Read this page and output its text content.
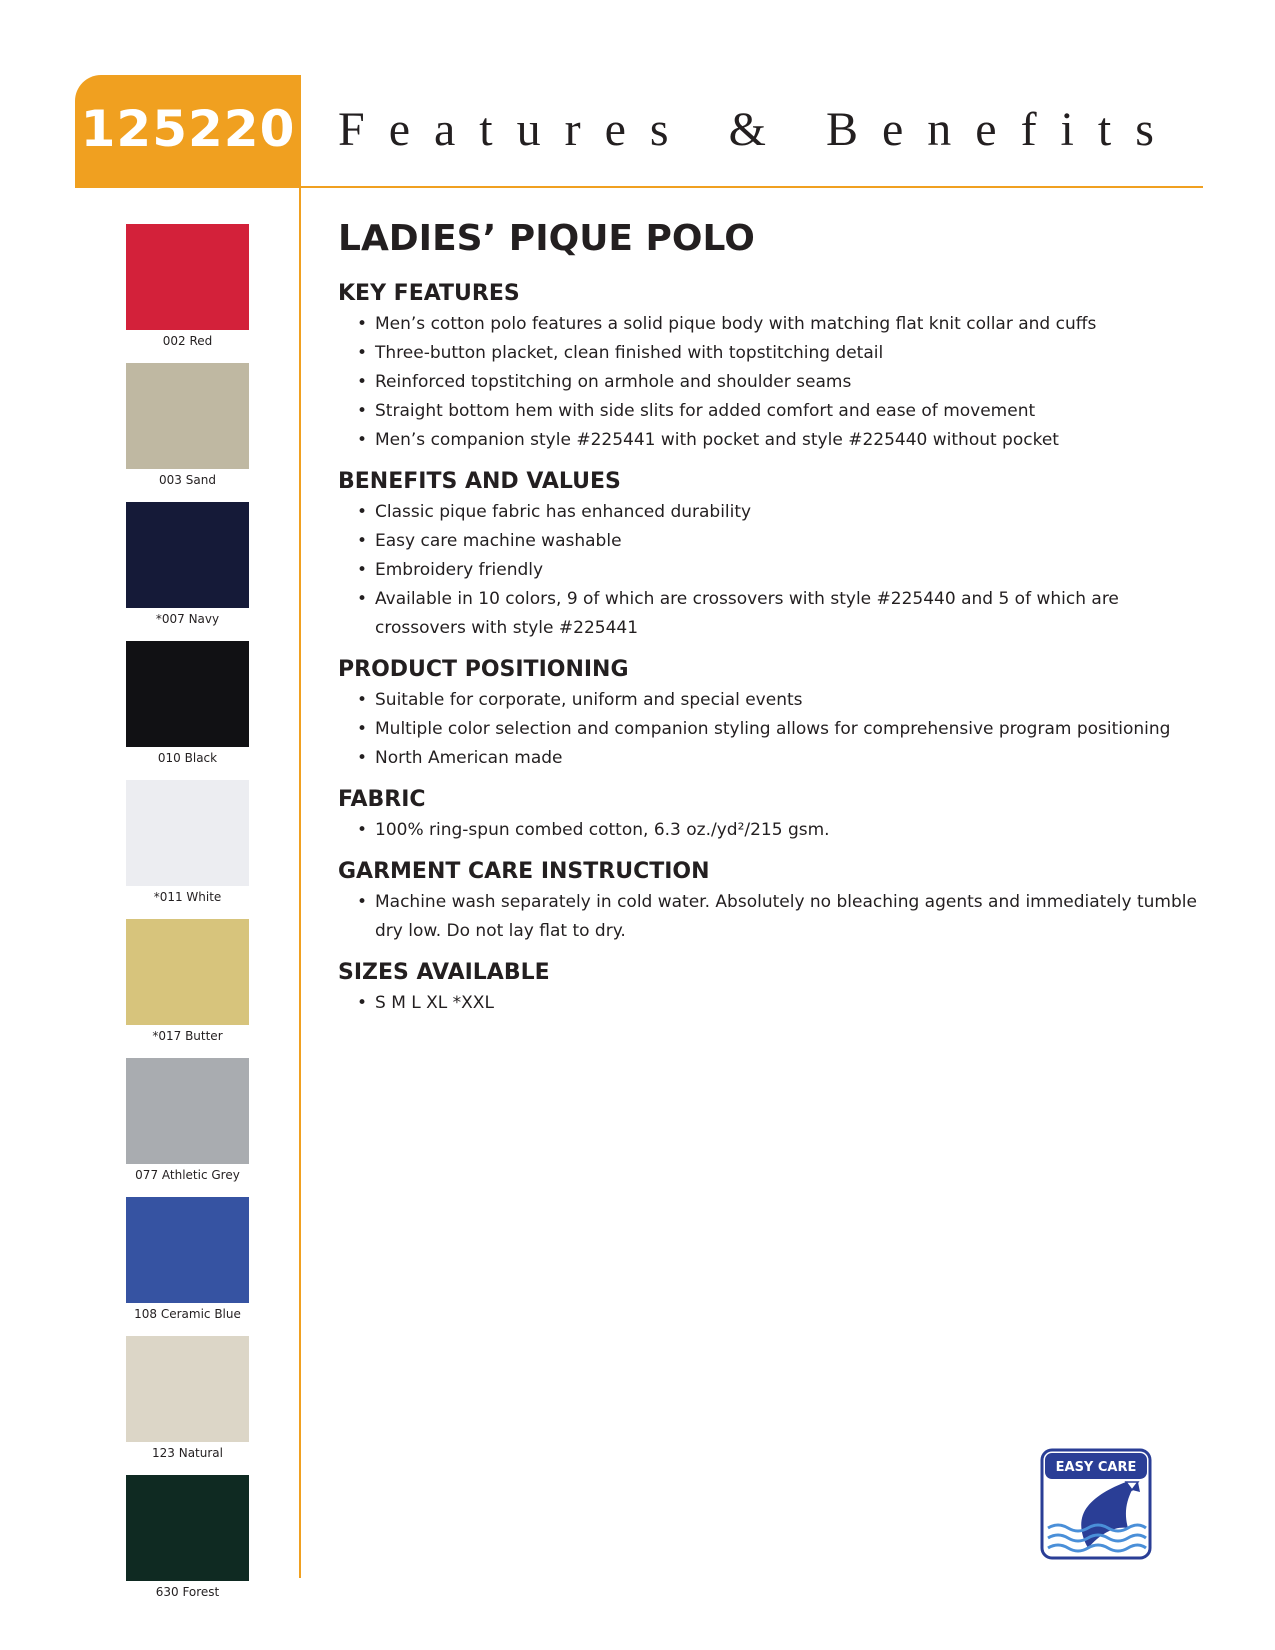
125220 Features & Benefits
002 Red
003 Sand
*007 Navy
010 Black
*011 White
*017 Butter
077 Athletic Grey
108 Ceramic Blue
123 Natural
630 Forest
LADIES’ PIQUE POLO
KEY FEATURES
• Men’s cotton polo features a solid pique body with matching flat knit collar and cuffs
• Three-button placket, clean finished with topstitching detail
• Reinforced topstitching on armhole and shoulder seams
• Straight bottom hem with side slits for added comfort and ease of movement
• Men’s companion style #225441 with pocket and style #225440 without pocket
BENEFITS AND VALUES
• Classic pique fabric has enhanced durability
• Easy care machine washable
• Embroidery friendly
• Available in 10 colors, 9 of which are crossovers with style #225440 and 5 of which are crossovers with style #225441
PRODUCT POSITIONING
• Suitable for corporate, uniform and special events
• Multiple color selection and companion styling allows for comprehensive program positioning
• North American made
FABRIC
• 100% ring-spun combed cotton, 6.3 oz./yd²/215 gsm.
GARMENT CARE INSTRUCTION
• Machine wash separately in cold water. Absolutely no bleaching agents and immediately tumble dry low. Do not lay flat to dry.
SIZES AVAILABLE
• S M L XL *XXL
EASY CARE
